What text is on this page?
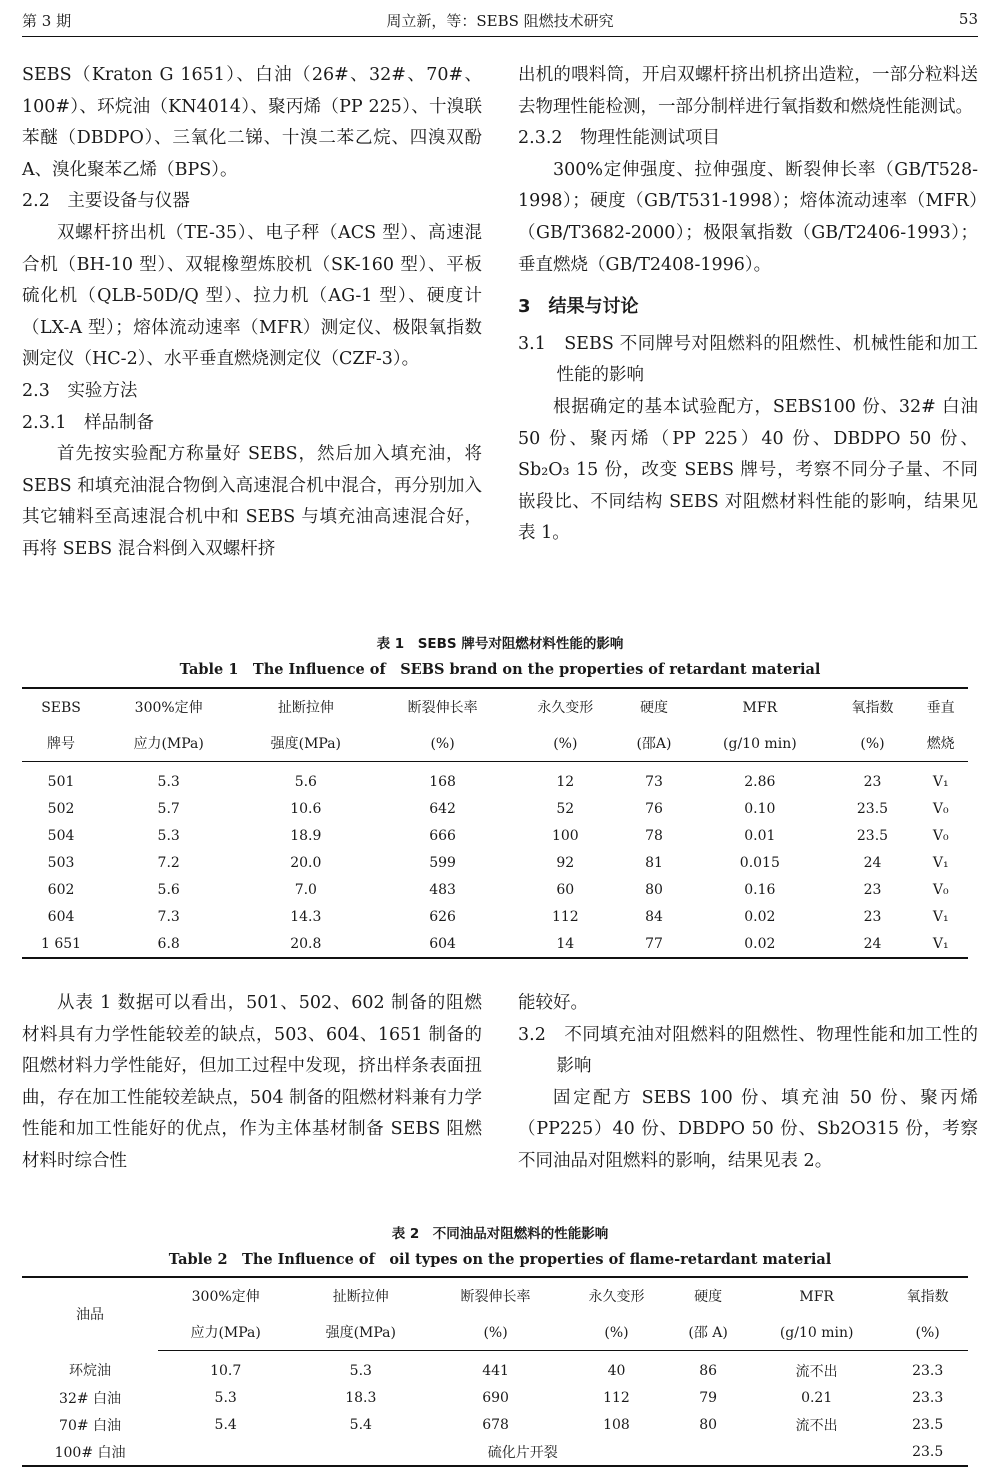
第 3 期	周立新，等：SEBS 阻燃技术研究	53

SEBS（Kraton G 1651）、白油（26#、32#、70#、100#）、环烷油（KN4014）、聚丙烯（PP 225）、十溴联苯醚（DBDPO）、三氧化二锑、十溴二苯乙烷、四溴双酚 A、溴化聚苯乙烯（BPS）。

2.2　主要设备与仪器

双螺杆挤出机（TE-35）、电子秤（ACS 型）、高速混合机（BH-10 型）、双辊橡塑炼胶机（SK-160 型）、平板硫化机（QLB-50D/Q 型）、拉力机（AG-1 型）、硬度计（LX-A 型）；熔体流动速率（MFR）测定仪、极限氧指数测定仪（HC-2）、水平垂直燃烧测定仪（CZF-3）。

2.3　实验方法

2.3.1　样品制备

首先按实验配方称量好 SEBS，然后加入填充油，将 SEBS 和填充油混合物倒入高速混合机中混合，再分别加入其它辅料至高速混合机中和 SEBS 与填充油高速混合好，再将 SEBS 混合料倒入双螺杆挤

出机的喂料筒，开启双螺杆挤出机挤出造粒，一部分粒料送去物理性能检测，一部分制样进行氧指数和燃烧性能测试。

2.3.2　物理性能测试项目

300%定伸强度、拉伸强度、断裂伸长率（GB/T528-1998）；硬度（GB/T531-1998）；熔体流动速率（MFR）（GB/T3682-2000）；极限氧指数（GB/T2406-1993）；垂直燃烧（GB/T2408-1996）。

3　结果与讨论

3.1　SEBS 不同牌号对阻燃料的阻燃性、机械性能和加工性能的影响

根据确定的基本试验配方，SEBS100 份、32# 白油 50 份、聚丙烯（PP 225）40 份、DBDPO 50 份、Sb₂O₃ 15 份，改变 SEBS 牌号，考察不同分子量、不同嵌段比、不同结构 SEBS 对阻燃材料性能的影响，结果见表 1。

表 1　SEBS 牌号对阻燃材料性能的影响
Table 1　The Influence of　SEBS brand on the properties of retardant material
SEBS	300%定伸	扯断拉伸	断裂伸长率	永久变形	硬度	MFR	氧指数	垂直
牌号	应力(MPa)	强度(MPa)	(%)	(%)	(邵A)	(g/10 min)	(%)	燃烧
501	5.3	5.6	168	12	73	2.86	23	V₁
502	5.7	10.6	642	52	76	0.10	23.5	V₀
504	5.3	18.9	666	100	78	0.01	23.5	V₀
503	7.2	20.0	599	92	81	0.015	24	V₁
602	5.6	7.0	483	60	80	0.16	23	V₀
604	7.3	14.3	626	112	84	0.02	23	V₁
1 651	6.8	20.8	604	14	77	0.02	24	V₁

从表 1 数据可以看出，501、502、602 制备的阻燃材料具有力学性能较差的缺点，503、604、1651 制备的阻燃材料力学性能好，但加工过程中发现，挤出样条表面扭曲，存在加工性能较差缺点，504 制备的阻燃材料兼有力学性能和加工性能好的优点，作为主体基材制备 SEBS 阻燃材料时综合性

能较好。

3.2　不同填充油对阻燃料的阻燃性、物理性能和加工性的影响

固定配方 SEBS 100 份、填充油 50 份、聚丙烯（PP225）40 份、DBDPO 50 份、Sb2O315 份，考察不同油品对阻燃料的影响，结果见表 2。

表 2　不同油品对阻燃料的性能影响
Table 2　The Influence of　oil types on the properties of flame-retardant material
油品	300%定伸	扯断拉伸	断裂伸长率	永久变形	硬度	MFR	氧指数
	应力(MPa)	强度(MPa)	(%)	(%)	(邵 A)	(g/10 min)	(%)
环烷油	10.7	5.3	441	40	86	流不出	23.3
32# 白油	5.3	18.3	690	112	79	0.21	23.3
70# 白油	5.4	5.4	678	108	80	流不出	23.5
100# 白油	硫化片开裂						23.5
